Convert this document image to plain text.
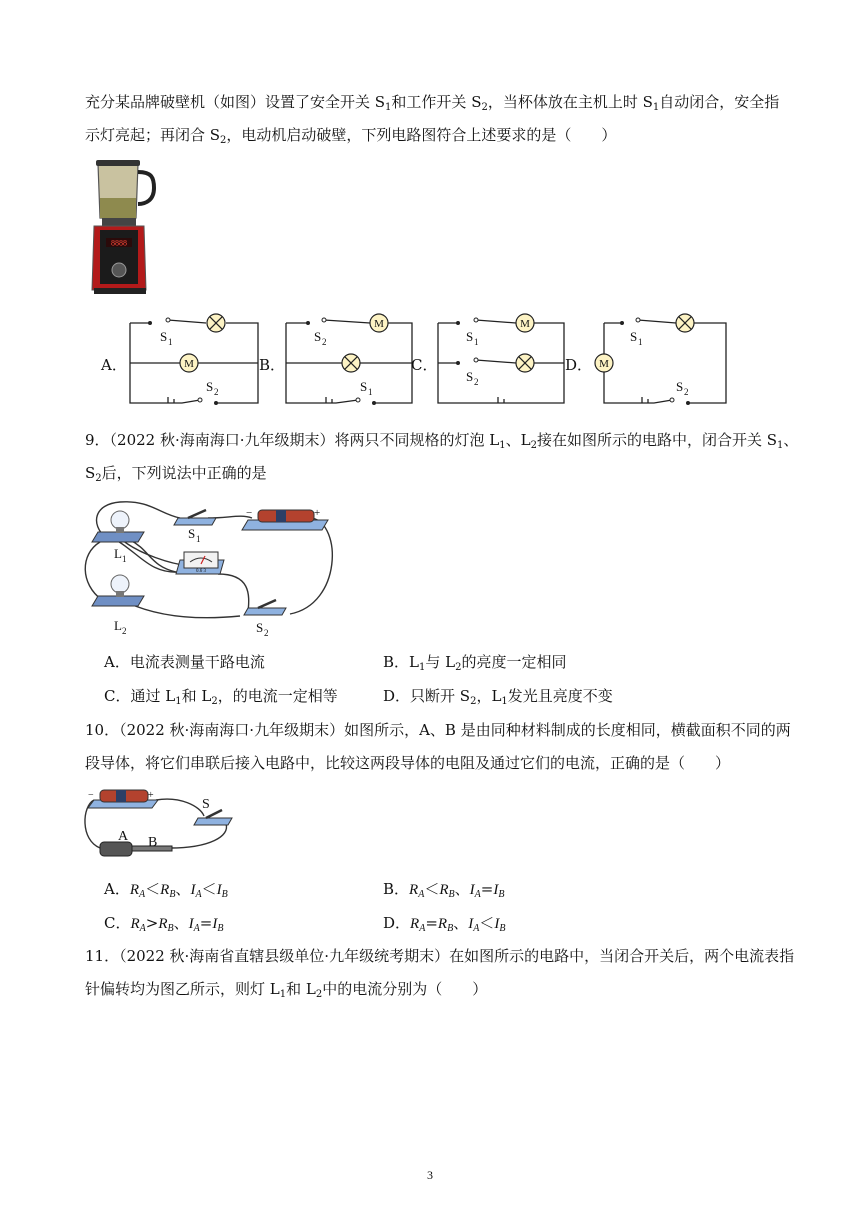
充分某品牌破壁机（如图）设置了安全开关 $S_1$和工作开关 $S_2$，当杯体放在主机上时 $S_1$自动闭合，安全指
示灯亮起；再闭合 $S_2$，电动机启动破壁，下列电路图符合上述要求的是（　　）
8888
M
M	M
M
S 1
S 2
S 2
S 1
S 1
S 2
S 1
S 2
A．	B．	C．	D．
9．（2022 秋·海南海口·九年级期末）将两只不同规格的灯泡 $L_1$、$L_2$接在如图所示的电路中，闭合开关 $S_1$、
$S_2$后，下列说法中正确的是
0.6 3
L 1
L 2
S 1
S 2
−	+
A．电流表测量干路电流	B．$L_1$与 $L_2$的亮度一定相同
C．通过 $L_1$和 $L_2$，的电流一定相等	D．只断开 $S_2$，$L_1$发光且亮度不变
10．（2022 秋·海南海口·九年级期末）如图所示，A、B 是由同种材料制成的长度相同，横截面积不同的两
段导体，将它们串联后接入电路中，比较这两段导体的电阻及通过它们的电流，正确的是（　　）
S
A B
−	+
A．$R_A<R_B$、$I_A<I_B$	B．$R_A<R_B$、$I_A=I_B$
C．$R_A>R_B$、$I_A=I_B$	D．$R_A=R_B$、$I_A<I_B$
11．（2022 秋·海南省直辖县级单位·九年级统考期末）在如图所示的电路中，当闭合开关后，两个电流表指
针偏转均为图乙所示，则灯 $L_1$和 $L_2$中的电流分别为（　　）
3
